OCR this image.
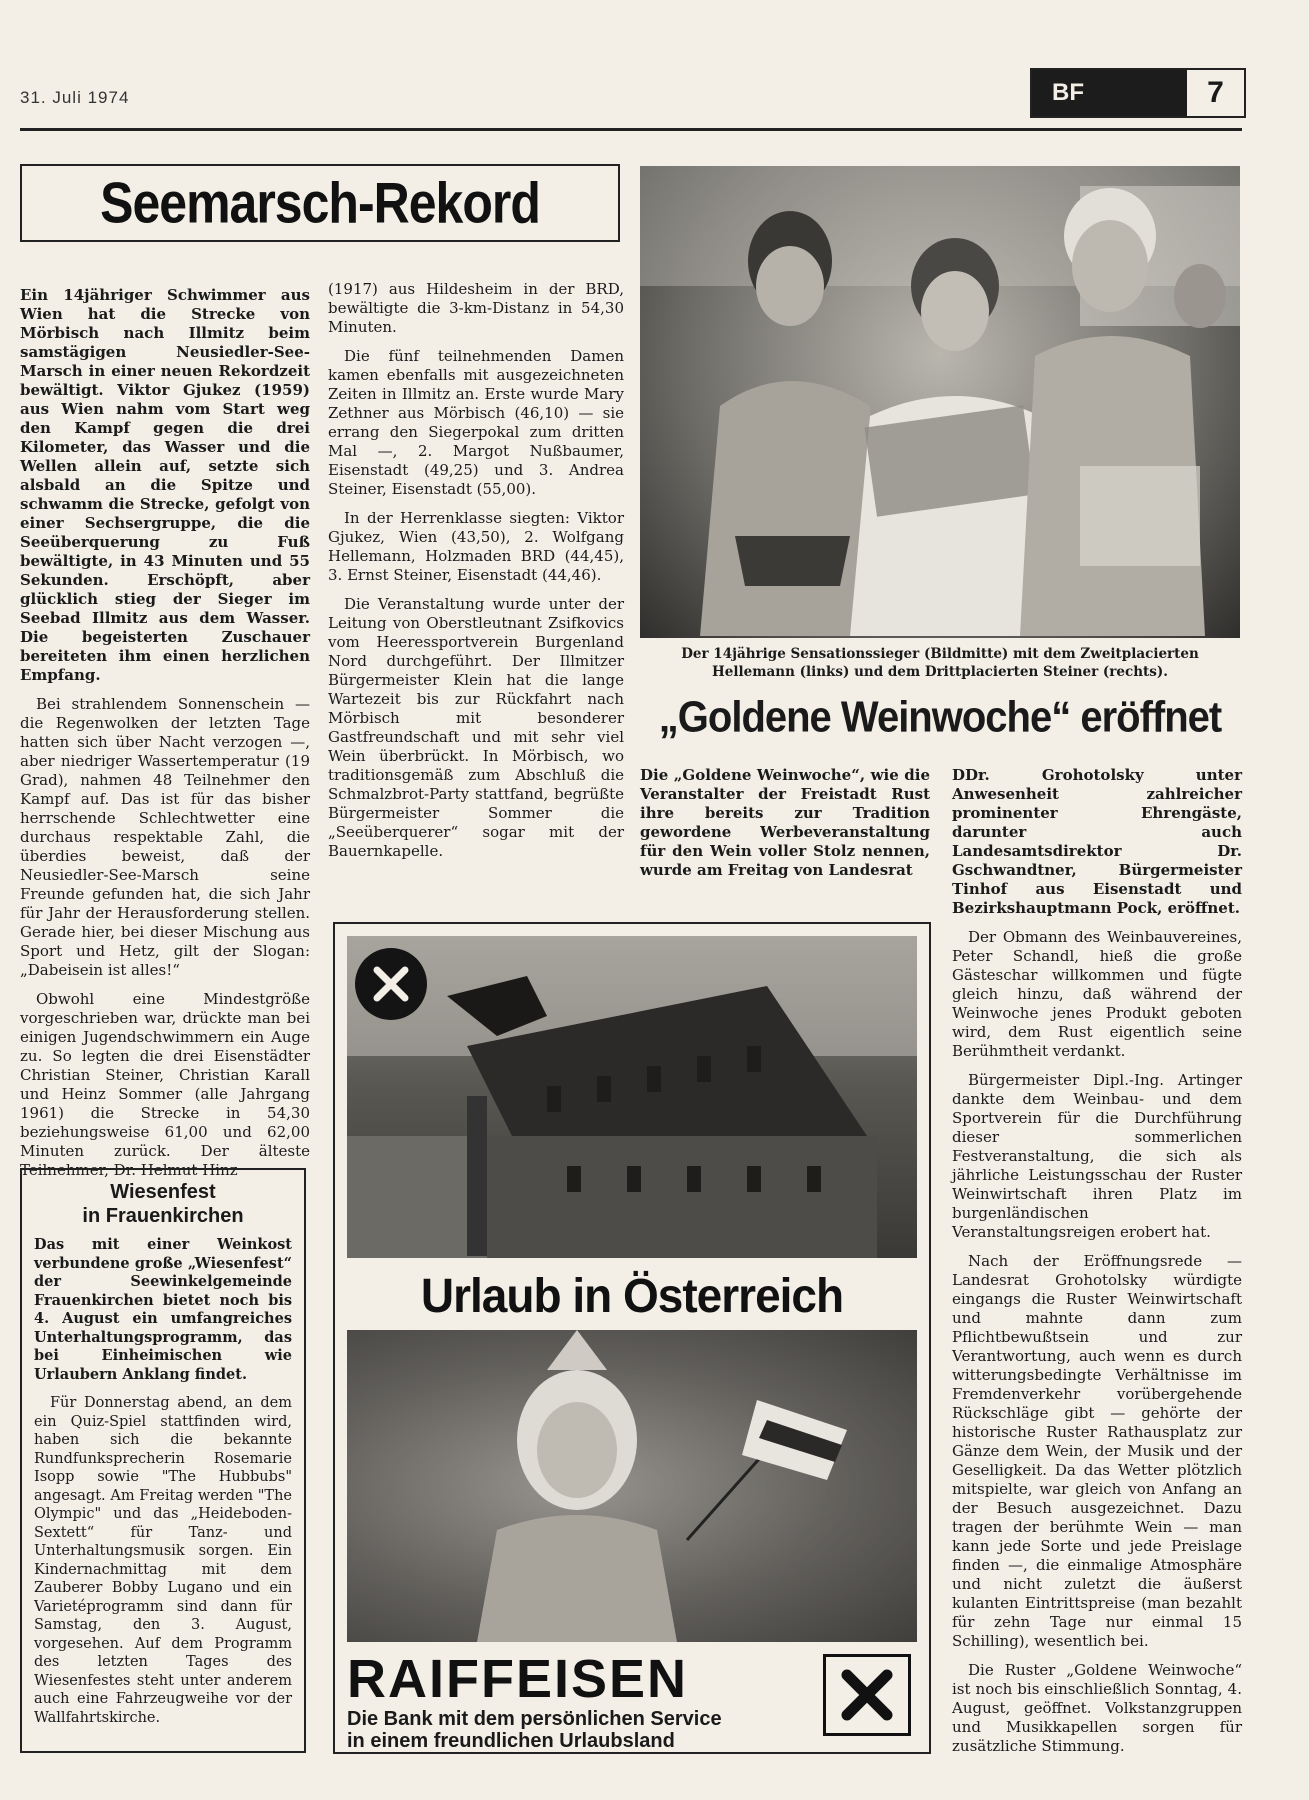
31. Juli 1974	BF	7
Seemarsch-Rekord

Ein 14jähriger Schwimmer aus Wien hat die Strecke von Mörbisch nach Illmitz beim samstägigen Neusiedler-See-Marsch in einer neuen Rekordzeit bewältigt. Viktor Gjukez (1959) aus Wien nahm vom Start weg den Kampf gegen die drei Kilometer, das Wasser und die Wellen allein auf, setzte sich alsbald an die Spitze und schwamm die Strecke, gefolgt von einer Sechsergruppe, die die Seeüberquerung zu Fuß bewältigte, in 43 Minuten und 55 Sekunden. Erschöpft, aber glücklich stieg der Sieger im Seebad Illmitz aus dem Wasser. Die begeisterten Zuschauer bereiteten ihm einen herzlichen Empfang.

Bei strahlendem Sonnenschein — die Regenwolken der letzten Tage hatten sich über Nacht verzogen —, aber niedriger Wassertemperatur (19 Grad), nahmen 48 Teilnehmer den Kampf auf. Das ist für das bisher herrschende Schlechtwetter eine durchaus respektable Zahl, die überdies beweist, daß der Neusiedler-See-Marsch seine Freunde gefunden hat, die sich Jahr für Jahr der Herausforderung stellen. Gerade hier, bei dieser Mischung aus Sport und Hetz, gilt der Slogan: „Dabeisein ist alles!“

Obwohl eine Mindestgröße vorgeschrieben war, drückte man bei einigen Jugendschwimmern ein Auge zu. So legten die drei Eisenstädter Christian Steiner, Christian Karall und Heinz Sommer (alle Jahrgang 1961) die Strecke in 54,30 beziehungsweise 61,00 und 62,00 Minuten zurück. Der älteste Teilnehmer, Dr. Helmut Hinz

(1917) aus Hildesheim in der BRD, bewältigte die 3-km-Distanz in 54,30 Minuten.

Die fünf teilnehmenden Damen kamen ebenfalls mit ausgezeichneten Zeiten in Illmitz an. Erste wurde Mary Zethner aus Mörbisch (46,10) — sie errang den Siegerpokal zum dritten Mal —, 2. Margot Nußbaumer, Eisenstadt (49,25) und 3. Andrea Steiner, Eisenstadt (55,00).

In der Herrenklasse siegten: Viktor Gjukez, Wien (43,50), 2. Wolfgang Hellemann, Holzmaden BRD (44,45), 3. Ernst Steiner, Eisenstadt (44,46).

Die Veranstaltung wurde unter der Leitung von Oberstleutnant Zsifkovics vom Heeressportverein Burgenland Nord durchgeführt. Der Illmitzer Bürgermeister Klein hat die lange Wartezeit bis zur Rückfahrt nach Mörbisch mit besonderer Gastfreundschaft und mit sehr viel Wein überbrückt. In Mörbisch, wo traditionsgemäß zum Abschluß die Schmalzbrot-Party stattfand, begrüßte Bürgermeister Sommer die „Seeüberquerer“ sogar mit der Bauernkapelle.

Der 14jährige Sensationssieger (Bildmitte) mit dem Zweitplacierten Hellemann (links) und dem Drittplacierten Steiner (rechts).
„Goldene Weinwoche“ eröffnet
Die „Goldene Weinwoche“, wie die Veranstalter der Freistadt Rust ihre bereits zur Tradition gewordene Werbeveranstaltung für den Wein voller Stolz nennen, wurde am Freitag von Landesrat

DDr. Grohotolsky unter Anwesenheit zahlreicher prominenter Ehrengäste, darunter auch Landesamtsdirektor Dr. Gschwandtner, Bürgermeister Tinhof aus Eisenstadt und Bezirkshauptmann Pock, eröffnet.

Der Obmann des Weinbauvereines, Peter Schandl, hieß die große Gästeschar willkommen und fügte gleich hinzu, daß während der Weinwoche jenes Produkt geboten wird, dem Rust eigentlich seine Berühmtheit verdankt.

Bürgermeister Dipl.-Ing. Artinger dankte dem Weinbau- und dem Sportverein für die Durchführung dieser sommerlichen Festveranstaltung, die sich als jährliche Leistungsschau der Ruster Weinwirtschaft ihren Platz im burgenländischen Veranstaltungsreigen erobert hat.

Nach der Eröffnungsrede — Landesrat Grohotolsky würdigte eingangs die Ruster Weinwirtschaft und mahnte dann zum Pflichtbewußtsein und zur Verantwortung, auch wenn es durch witterungsbedingte Verhältnisse im Fremdenverkehr vorübergehende Rückschläge gibt — gehörte der historische Ruster Rathausplatz zur Gänze dem Wein, der Musik und der Geselligkeit. Da das Wetter plötzlich mitspielte, war gleich von Anfang an der Besuch ausgezeichnet. Dazu tragen der berühmte Wein — man kann jede Sorte und jede Preislage finden —, die einmalige Atmosphäre und nicht zuletzt die äußerst kulanten Eintrittspreise (man bezahlt für zehn Tage nur einmal 15 Schilling), wesentlich bei.

Die Ruster „Goldene Weinwoche“ ist noch bis einschließlich Sonntag, 4. August, geöffnet. Volkstanzgruppen und Musikkapellen sorgen für zusätzliche Stimmung.

Wiesenfest
in Frauenkirchen

Das mit einer Weinkost verbundene große „Wiesenfest“ der Seewinkelgemeinde Frauenkirchen bietet noch bis 4. August ein umfangreiches Unterhaltungsprogramm, das bei Einheimischen wie Urlaubern Anklang findet.

Für Donnerstag abend, an dem ein Quiz-Spiel stattfinden wird, haben sich die bekannte Rundfunksprecherin Rosemarie Isopp sowie "The Hubbubs" angesagt. Am Freitag werden "The Olympic" und das „Heideboden-Sextett“ für Tanz- und Unterhaltungsmusik sorgen. Ein Kindernachmittag mit dem Zauberer Bobby Lugano und ein Varietéprogramm sind dann für Samstag, den 3. August, vorgesehen. Auf dem Programm des letzten Tages des Wiesenfestes steht unter anderem auch eine Fahrzeugweihe vor der Wallfahrtskirche.

Urlaub in Österreich
RAIFFEISEN
Die Bank mit dem persönlichen Service
in einem freundlichen Urlaubsland
